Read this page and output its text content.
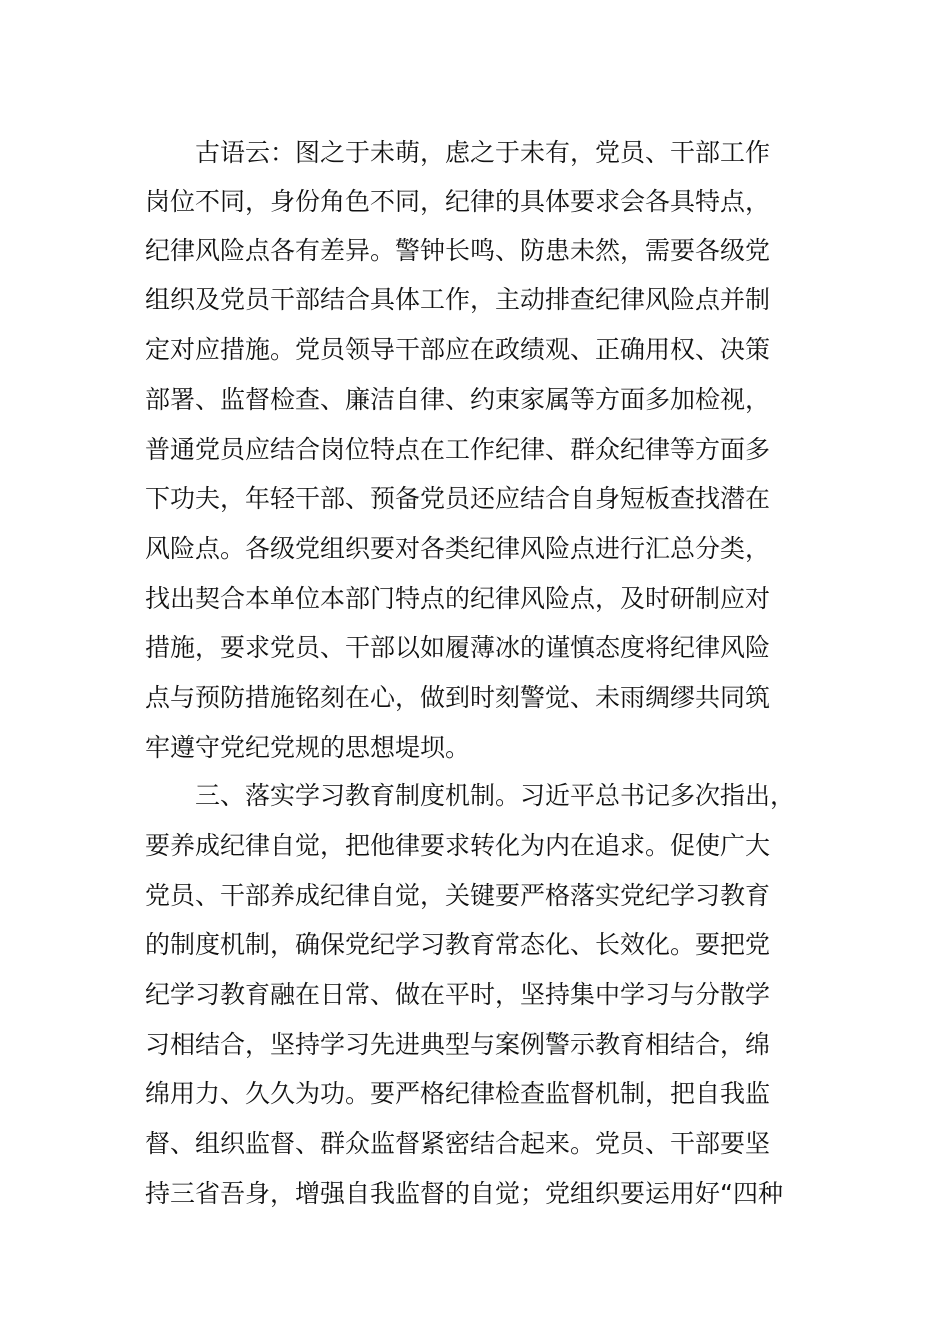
古语云：图之于未萌，虑之于未有，党员、干部工作
岗位不同，身份角色不同，纪律的具体要求会各具特点，
纪律风险点各有差异。警钟长鸣、防患未然，需要各级党
组织及党员干部结合具体工作，主动排查纪律风险点并制
定对应措施。党员领导干部应在政绩观、正确用权、决策
部署、监督检查、廉洁自律、约束家属等方面多加检视，
普通党员应结合岗位特点在工作纪律、群众纪律等方面多
下功夫，年轻干部、预备党员还应结合自身短板查找潜在
风险点。各级党组织要对各类纪律风险点进行汇总分类，
找出契合本单位本部门特点的纪律风险点，及时研制应对
措施，要求党员、干部以如履薄冰的谨慎态度将纪律风险
点与预防措施铭刻在心，做到时刻警觉、未雨绸缪共同筑
牢遵守党纪党规的思想堤坝。
三、落实学习教育制度机制。习近平总书记多次指出，
要养成纪律自觉，把他律要求转化为内在追求。促使广大
党员、干部养成纪律自觉，关键要严格落实党纪学习教育
的制度机制，确保党纪学习教育常态化、长效化。要把党
纪学习教育融在日常、做在平时，坚持集中学习与分散学
习相结合，坚持学习先进典型与案例警示教育相结合，绵
绵用力、久久为功。要严格纪律检查监督机制，把自我监
督、组织监督、群众监督紧密结合起来。党员、干部要坚
持三省吾身，增强自我监督的自觉；党组织要运用好“四种
